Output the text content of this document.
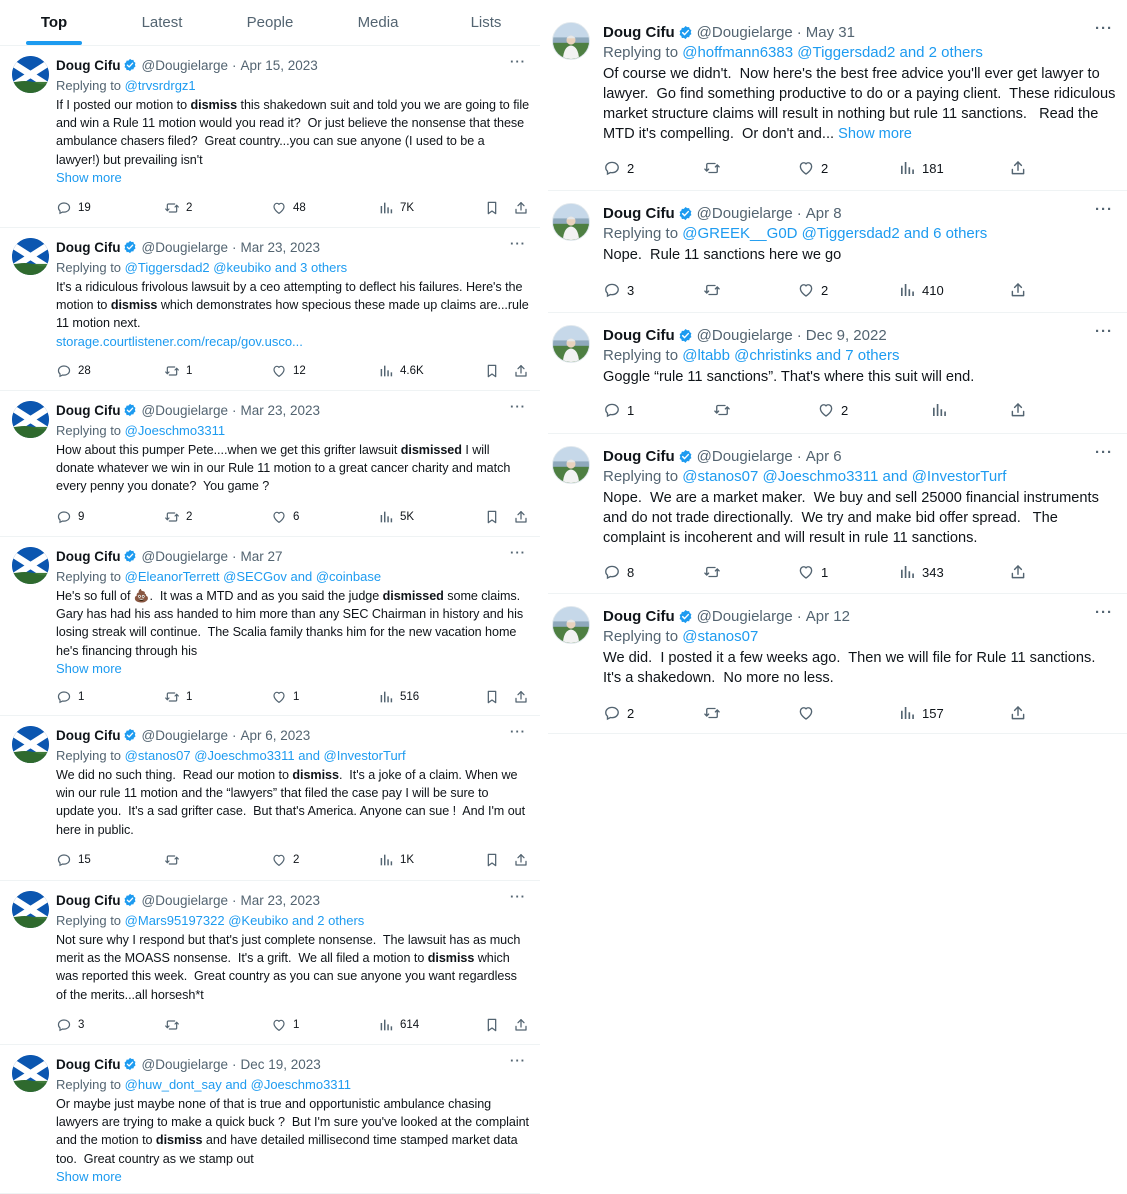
Top	Latest	People	Media	Lists
···
Doug Cifu @Dougielarge · Apr 15, 2023
Replying to @trvsrdrgz1
If I posted our motion to dismiss this shakedown suit and told you we are going to file and win a Rule 11 motion would you read it?  Or just believe the nonsense that these ambulance chasers filed?  Great country...you can sue anyone (I used to be a lawyer!) but prevailing isn't
Show more
19	2	48	7K
···
Doug Cifu @Dougielarge · Mar 23, 2023
Replying to @Tiggersdad2 @keubiko and 3 others
It's a ridiculous frivolous lawsuit by a ceo attempting to deflect his failures. Here's the motion to dismiss which demonstrates how specious these made up claims are...rule 11 motion next.
storage.courtlistener.com/recap/gov.usco...
28	1	12	4.6K
···
Doug Cifu @Dougielarge · Mar 23, 2023
Replying to @Joeschmo3311
How about this pumper Pete....when we get this grifter lawsuit dismissed I will donate whatever we win in our Rule 11 motion to a great cancer charity and match every penny you donate?  You game ?
9	2	6	5K
···
Doug Cifu @Dougielarge · Mar 27
Replying to @EleanorTerrett @SECGov and @coinbase
He's so full of 💩.  It was a MTD and as you said the judge dismissed some claims.  Gary has had his ass handed to him more than any SEC Chairman in history and his losing streak will continue.  The Scalia family thanks him for the new vacation home he's financing through his
Show more
1	1	1	516
···
Doug Cifu @Dougielarge · Apr 6, 2023
Replying to @stanos07 @Joeschmo3311 and @InvestorTurf
We did no such thing.  Read our motion to dismiss.  It's a joke of a claim. When we win our rule 11 motion and the “lawyers” that filed the case pay I will be sure to update you.  It's a sad grifter case.  But that's America. Anyone can sue !  And I'm out here in public.
15	2	1K
···
Doug Cifu @Dougielarge · Mar 23, 2023
Replying to @Mars95197322 @Keubiko and 2 others
Not sure why I respond but that's just complete nonsense.  The lawsuit has as much merit as the MOASS nonsense.  It's a grift.  We all filed a motion to dismiss which was reported this week.  Great country as you can sue anyone you want regardless of the merits...all horsesh*t
3	1	614
···
Doug Cifu @Dougielarge · Dec 19, 2023
Replying to @huw_dont_say and @Joeschmo3311
Or maybe just maybe none of that is true and opportunistic ambulance chasing lawyers are trying to make a quick buck ?  But I'm sure you've looked at the complaint and the motion to dismiss and have detailed millisecond time stamped market data too.  Great country as we stamp out
Show more
···
Doug Cifu @Dougielarge · May 31
Replying to @hoffmann6383 @Tiggersdad2 and 2 others
Of course we didn't.  Now here's the best free advice you'll ever get lawyer to lawyer.  Go find something productive to do or a paying client.  These ridiculous market structure claims will result in nothing but rule 11 sanctions.   Read the MTD it's compelling.  Or don't and... Show more
2	2	181
···
Doug Cifu @Dougielarge · Apr 8
Replying to @GREEK__G0D @Tiggersdad2 and 6 others
Nope.  Rule 11 sanctions here we go
3	2	410
···
Doug Cifu @Dougielarge · Dec 9, 2022
Replying to @ltabb @christinks and 7 others
Goggle “rule 11 sanctions”. That's where this suit will end.
1	2
···
Doug Cifu @Dougielarge · Apr 6
Replying to @stanos07 @Joeschmo3311 and @InvestorTurf
Nope.  We are a market maker.  We buy and sell 25000 financial instruments  and do not trade directionally.  We try and make bid offer spread.   The complaint is incoherent and will result in rule 11 sanctions.
8	1	343
···
Doug Cifu @Dougielarge · Apr 12
Replying to @stanos07
We did.  I posted it a few weeks ago.  Then we will file for Rule 11 sanctions. It's a shakedown.  No more no less.
2	157
